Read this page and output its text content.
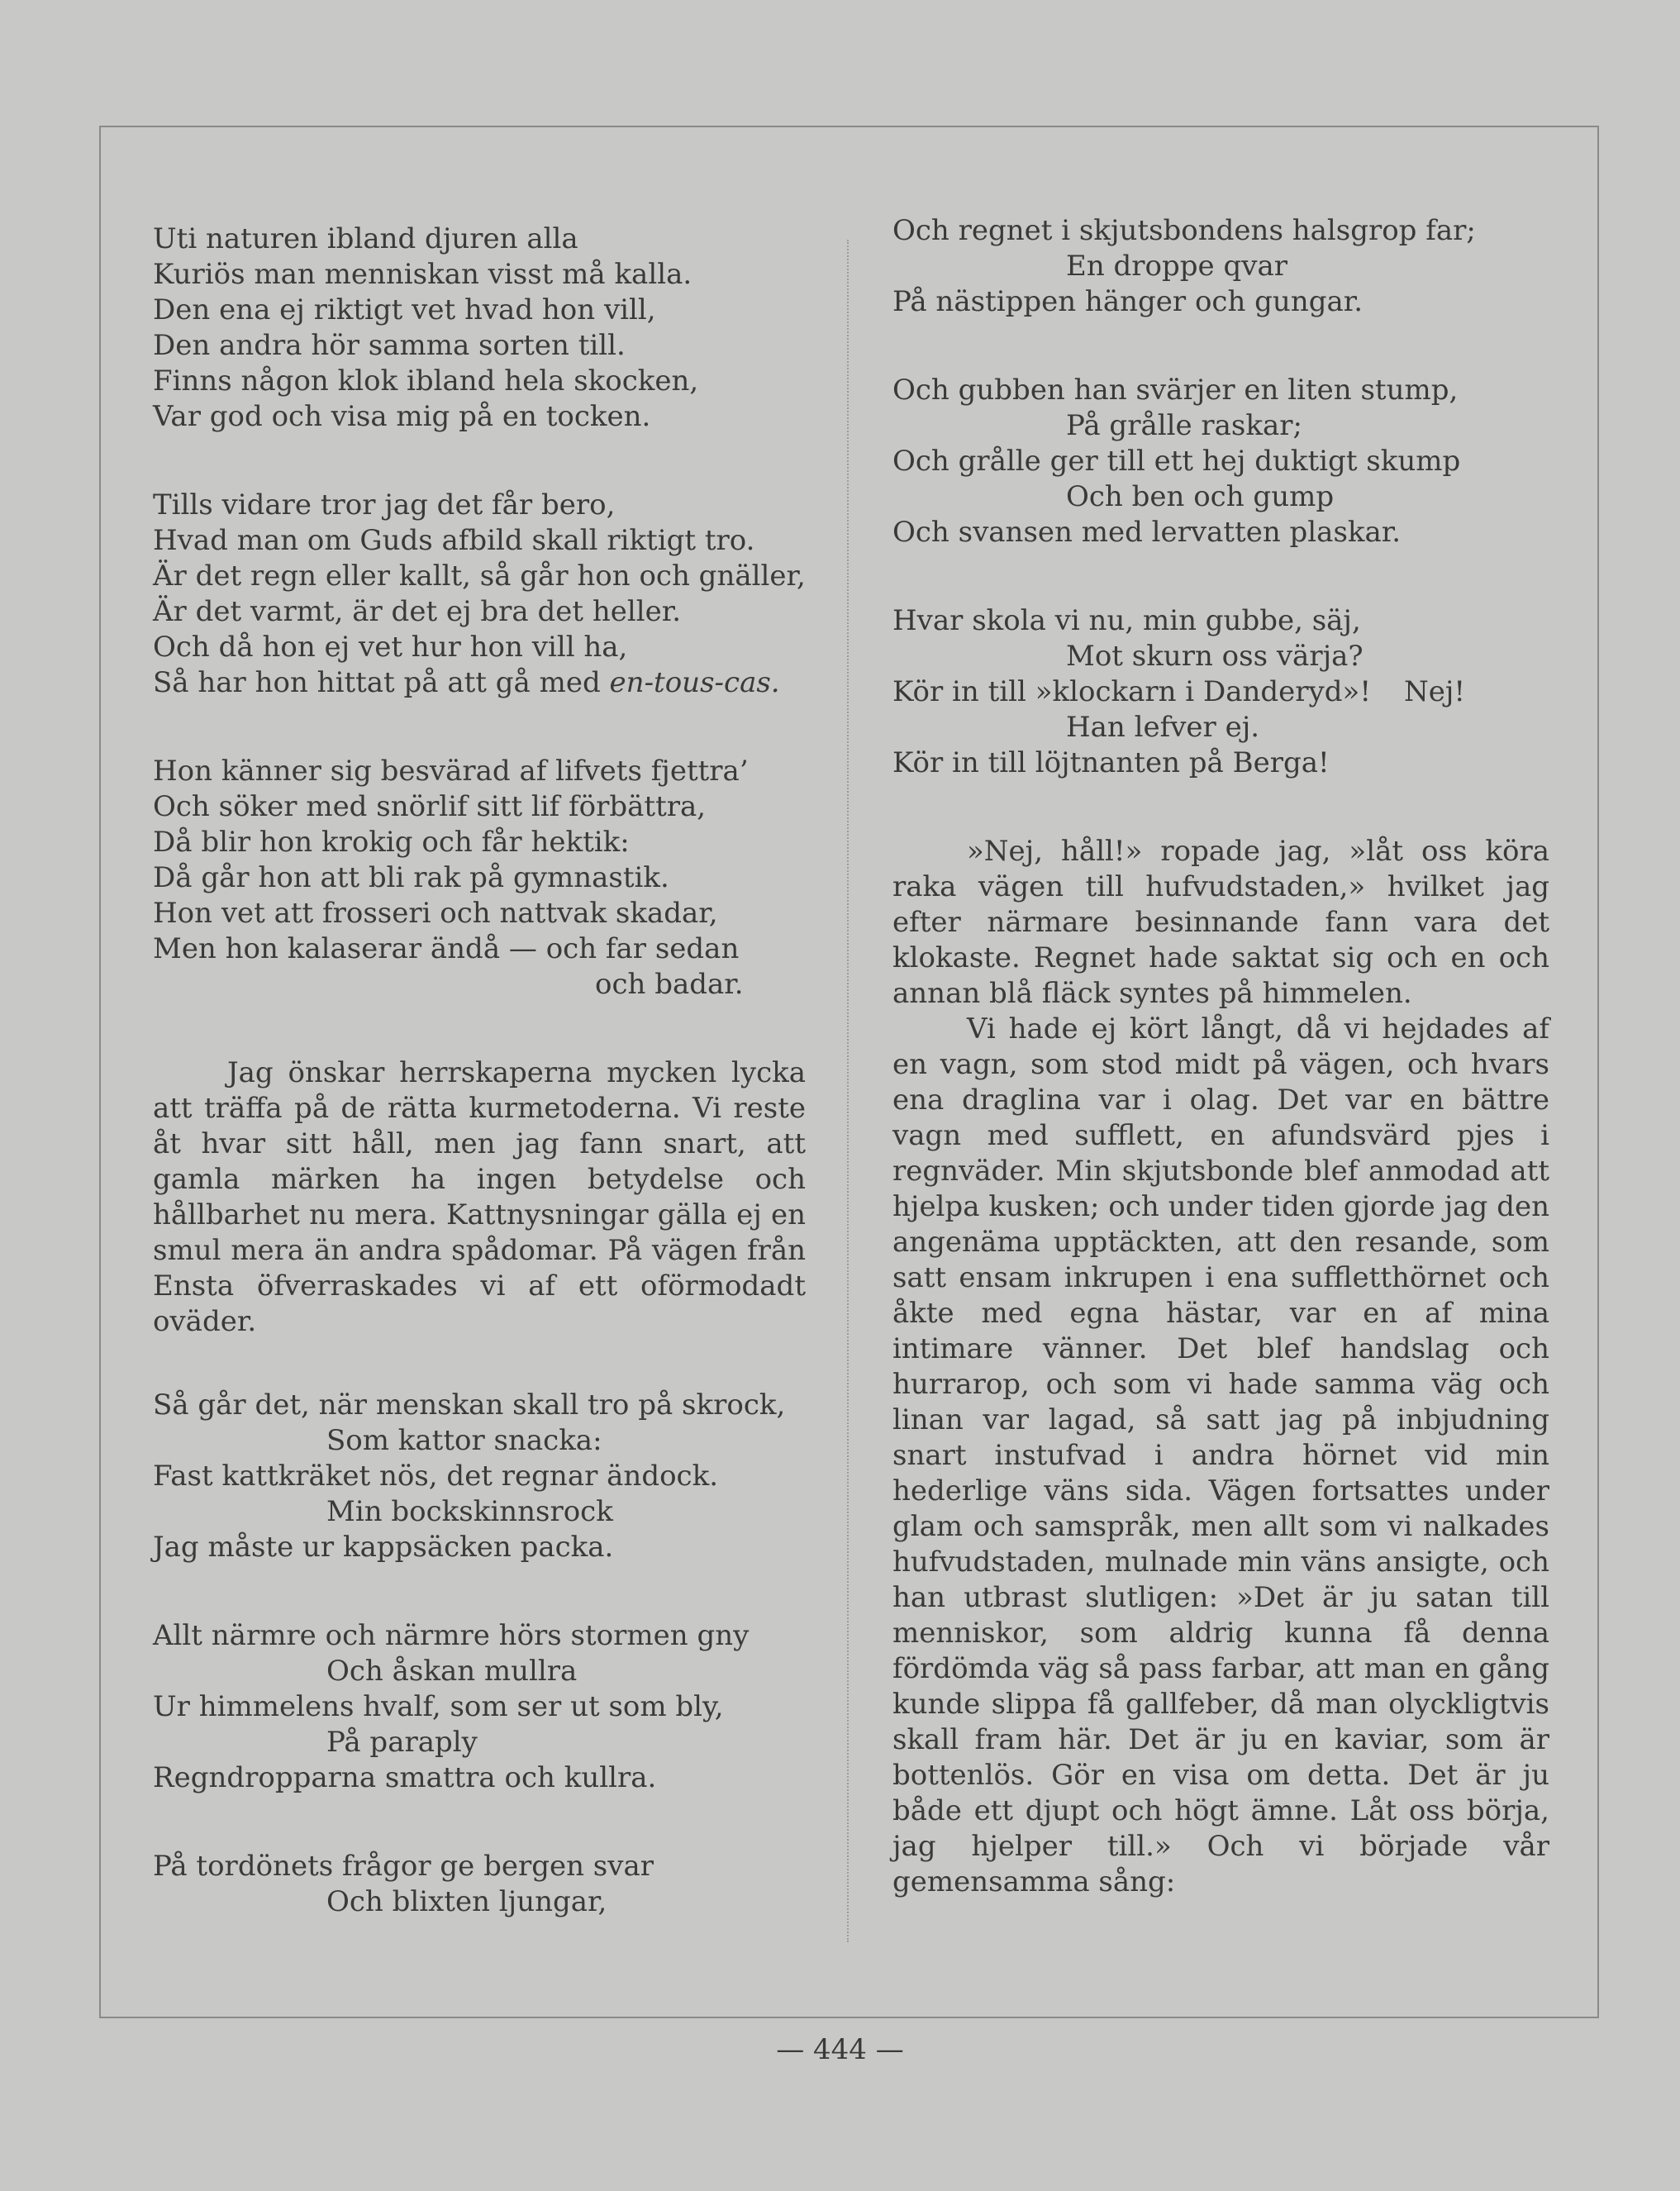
Uti naturen ibland djuren alla
Kuriös man menniskan visst må kalla.
Den ena ej riktigt vet hvad hon vill,
Den andra hör samma sorten till.
Finns någon klok ibland hela skocken,
Var god och visa mig på en tocken.
Tills vidare tror jag det får bero,
Hvad man om Guds afbild skall riktigt tro.
Är det regn eller kallt, så går hon och gnäller,
Är det varmt, är det ej bra det heller.
Och då hon ej vet hur hon vill ha,
Så har hon hittat på att gå med en-tous-cas.
Hon känner sig besvärad af lifvets fjettra’
Och söker med snörlif sitt lif förbättra,
Då blir hon krokig och får hektik:
Då går hon att bli rak på gymnastik.
Hon vet att frosseri och nattvak skadar,
Men hon kalaserar ändå — och far sedan
och badar.

Jag önskar herrskaperna mycken lycka att träffa på de rätta kurmetoderna. Vi reste åt hvar sitt håll, men jag fann snart, att gamla märken ha ingen betydelse och hållbarhet nu mera. Kattnysningar gälla ej en smul mera än andra spådomar. På vägen från Ensta öfverraskades vi af ett oförmodadt oväder.

Så går det, när menskan skall tro på skrock,
Som kattor snacka:
Fast kattkräket nös, det regnar ändock.
Min bockskinnsrock
Jag måste ur kappsäcken packa.
Allt närmre och närmre hörs stormen gny
Och åskan mullra
Ur himmelens hvalf, som ser ut som bly,
På paraply
Regndropparna smattra och kullra.
På tordönets frågor ge bergen svar
Och blixten ljungar,
Och regnet i skjutsbondens halsgrop far;
En droppe qvar
På nästippen hänger och gungar.
Och gubben han svärjer en liten stump,
På grålle raskar;
Och grålle ger till ett hej duktigt skump
Och ben och gump
Och svansen med lervatten plaskar.
Hvar skola vi nu, min gubbe, säj,
Mot skurn oss värja?
Kör in till »klockarn i Danderyd»! Nej!
Han lefver ej.
Kör in till löjtnanten på Berga!

»Nej, håll!» ropade jag, »låt oss köra raka vägen till hufvudstaden,» hvilket jag efter närmare besinnande fann vara det klokaste. Regnet hade saktat sig och en och annan blå fläck syntes på himmelen.

Vi hade ej kört långt, då vi hejdades af en vagn, som stod midt på vägen, och hvars ena draglina var i olag. Det var en bättre vagn med sufflett, en afundsvärd pjes i regnväder. Min skjutsbonde blef anmodad att hjelpa kusken; och under tiden gjorde jag den angenäma upptäckten, att den resande, som satt ensam inkrupen i ena suffletthörnet och åkte med egna hästar, var en af mina intimare vänner. Det blef handslag och hurrarop, och som vi hade samma väg och linan var lagad, så satt jag på inbjudning snart instufvad i andra hörnet vid min hederlige väns sida. Vägen fortsattes under glam och samspråk, men allt som vi nalkades hufvudstaden, mulnade min väns ansigte, och han utbrast slutligen: »Det är ju satan till menniskor, som aldrig kunna få denna fördömda väg så pass farbar, att man en gång kunde slippa få gallfeber, då man olyckligtvis skall fram här. Det är ju en kaviar, som är bottenlös. Gör en visa om detta. Det är ju både ett djupt och högt ämne. Låt oss börja, jag hjelper till.» Och vi började vår gemensamma sång:

— 444 —
